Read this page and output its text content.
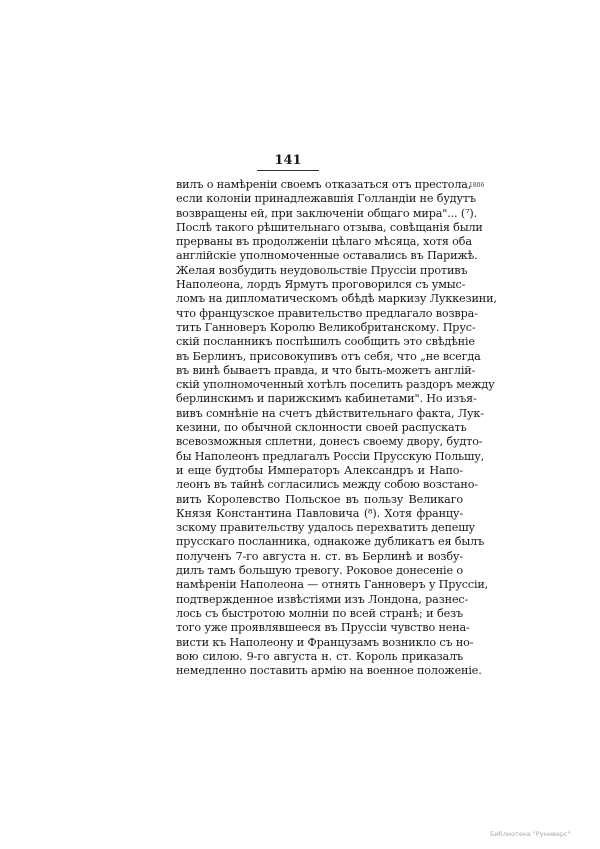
141
1806
вилъ о намѣреніи своемъ отказаться отъ престола,
если колоніи принадлежавшія Голландіи не будутъ
возвращены ей, при заключеніи общаго мира"... (⁷).
Послѣ такого рѣшительнаго отзыва, совѣщанія были
прерваны въ продолженіи цѣлаго мѣсяца, хотя оба
англійскіе уполномоченные оставались въ Парижѣ.
Желая возбудить неудовольствіе Пруссіи противъ
Наполеона, лордъ Ярмутъ проговорился съ умыс-
ломъ на дипломатическомъ обѣдѣ маркизу Луккезини,
что французское правительство предлагало возвра-
тить Ганноверъ Королю Великобританскому. Прус-
скій посланникъ поспѣшилъ сообщить это свѣдѣніе
въ Берлинъ, присовокупивъ отъ себя, что „не всегда
въ винѣ бываетъ правда, и что быть-можетъ англій-
скій уполномоченный хотѣлъ поселить раздоръ между
берлинскимъ и парижскимъ кабинетами". Но изъя-
вивъ сомнѣніе на счетъ дѣйствительнаго факта, Лук-
кезини, по обычной склонности своей распускать
всевозможныя сплетни, донесъ своему двору, будто-
бы Наполеонъ предлагалъ Россіи Прусскую Польшу,
и еще будтобы Императоръ Александръ и Напо-
леонъ въ тайнѣ согласились между собою возстано-
вить Королевство Польское въ пользу Великаго
Князя Константина Павловича (⁸). Хотя францу-
зскому правительству удалось перехватить депешу
прусскаго посланника, однакоже дубликатъ ея былъ
полученъ 7-го августа н. ст. въ Берлинѣ и возбу-
дилъ тамъ большую тревогу. Роковое донесеніе о
намѣреніи Наполеона — отнять Ганноверъ у Пруссіи,
подтвержденное извѣстіями изъ Лондона, разнес-
лось съ быстротою молніи по всей странѣ; и безъ
того уже проявлявшееся въ Пруссіи чувство нена-
висти къ Наполеону и Французамъ возникло съ но-
вою силою. 9-го августа н. ст. Король приказалъ
немедленно поставить армію на военное положеніе.
Библиотека "Руниверс"
